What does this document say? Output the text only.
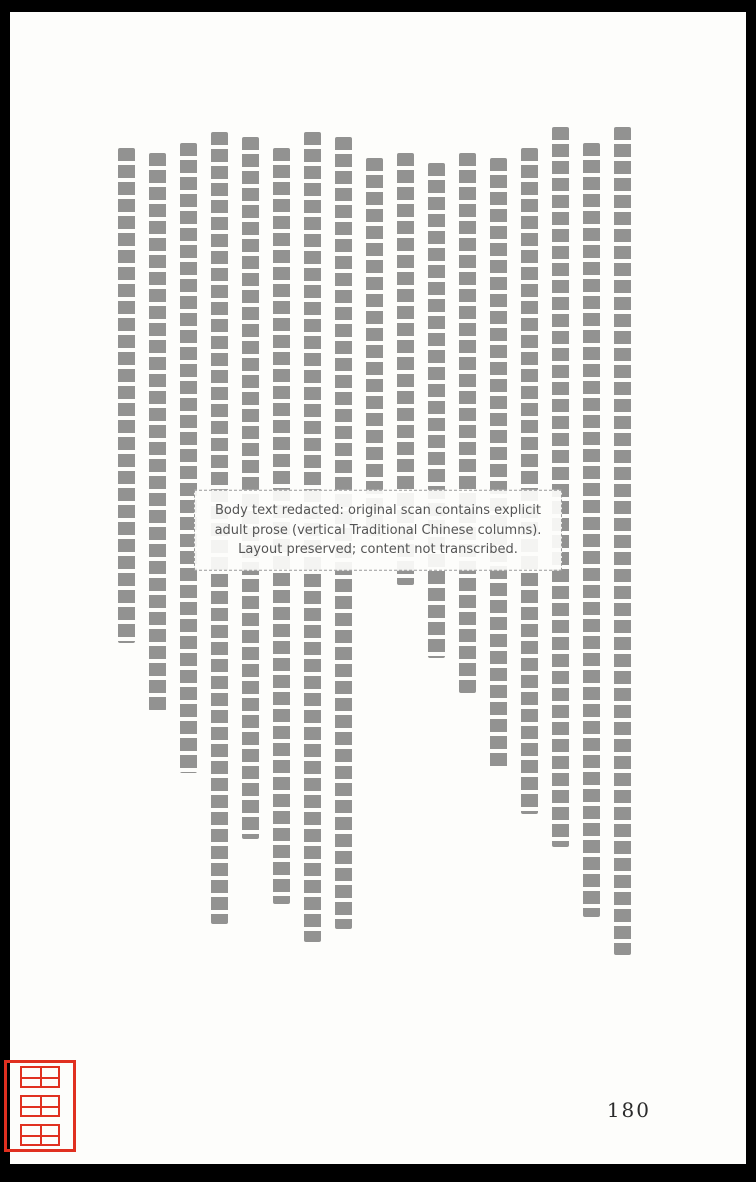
Body text redacted: original scan contains explicit adult prose (vertical Traditional Chinese columns). Layout preserved; content not transcribed.
180
